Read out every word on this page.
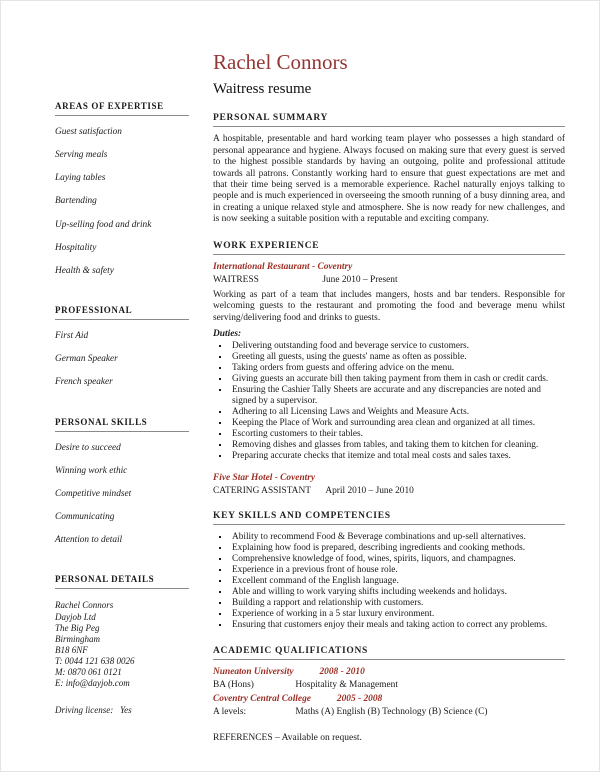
AREAS OF EXPERTISE
Guest satisfaction
Serving meals
Laying tables
Bartending
Up-selling food and drink
Hospitality
Health & safety
PROFESSIONAL
First Aid
German Speaker
French speaker
PERSONAL SKILLS
Desire to succeed
Winning work ethic
Competitive mindset
Communicating
Attention to detail
PERSONAL DETAILS
Rachel Connors
Dayjob Ltd
The Big Peg
Birmingham
B18 6NF
T: 0044 121 638 0026
M: 0870 061 0121
E: info@dayjob.com
Driving license:   Yes
Rachel Connors
Waitress resume
PERSONAL SUMMARY

A hospitable, presentable and hard working team player who possesses a high standard of personal appearance and hygiene. Always focused on making sure that every guest is served to the highest possible standards by having an outgoing, polite and professional attitude towards all patrons. Constantly working hard to ensure that guest expectations are met and that their time being served is a memorable experience. Rachel naturally enjoys talking to people and is much experienced in overseeing the smooth running of a busy dinning area, and in creating a unique relaxed style and atmosphere. She is now ready for new challenges, and is now seeking a suitable position with a reputable and exciting company.

WORK EXPERIENCE
International Restaurant - Coventry
WAITRESS	June 2010 – Present

Working as part of a team that includes mangers, hosts and bar tenders. Responsible for welcoming guests to the restaurant and promoting the food and beverage menu whilst serving/delivering food and drinks to guests.

Duties:
▪ Delivering outstanding food and beverage service to customers.
▪ Greeting all guests, using the guests' name as often as possible.
▪ Taking orders from guests and offering advice on the menu.
▪ Giving guests an accurate bill then taking payment from them in cash or credit cards.
▪ Ensuring the Cashier Tally Sheets are accurate and any discrepancies are noted and signed by a supervisor.
▪ Adhering to all Licensing Laws and Weights and Measure Acts.
▪ Keeping the Place of Work and surrounding area clean and organized at all times.
▪ Escorting customers to their tables.
▪ Removing dishes and glasses from tables, and taking them to kitchen for cleaning.
▪ Preparing accurate checks that itemize and total meal costs and sales taxes.
Five Star Hotel - Coventry
CATERING ASSISTANT April 2010 – June 2010
KEY SKILLS AND COMPETENCIES
▪ Ability to recommend Food & Beverage combinations and up-sell alternatives.
▪ Explaining how food is prepared, describing ingredients and cooking methods.
▪ Comprehensive knowledge of food, wines, spirits, liquors, and champagnes.
▪ Experience in a previous front of house role.
▪ Excellent command of the English language.
▪ Able and willing to work varying shifts including weekends and holidays.
▪ Building a rapport and relationship with customers.
▪ Experience of working in a 5 star luxury environment.
▪ Ensuring that customers enjoy their meals and taking action to correct any problems.
ACADEMIC QUALIFICATIONS
Nuneaton University	2008 - 2010
BA (Hons)	Hospitality & Management
Coventry Central College	2005 - 2008
A levels:	Maths (A) English (B) Technology (B) Science (C)
REFERENCES – Available on request.
